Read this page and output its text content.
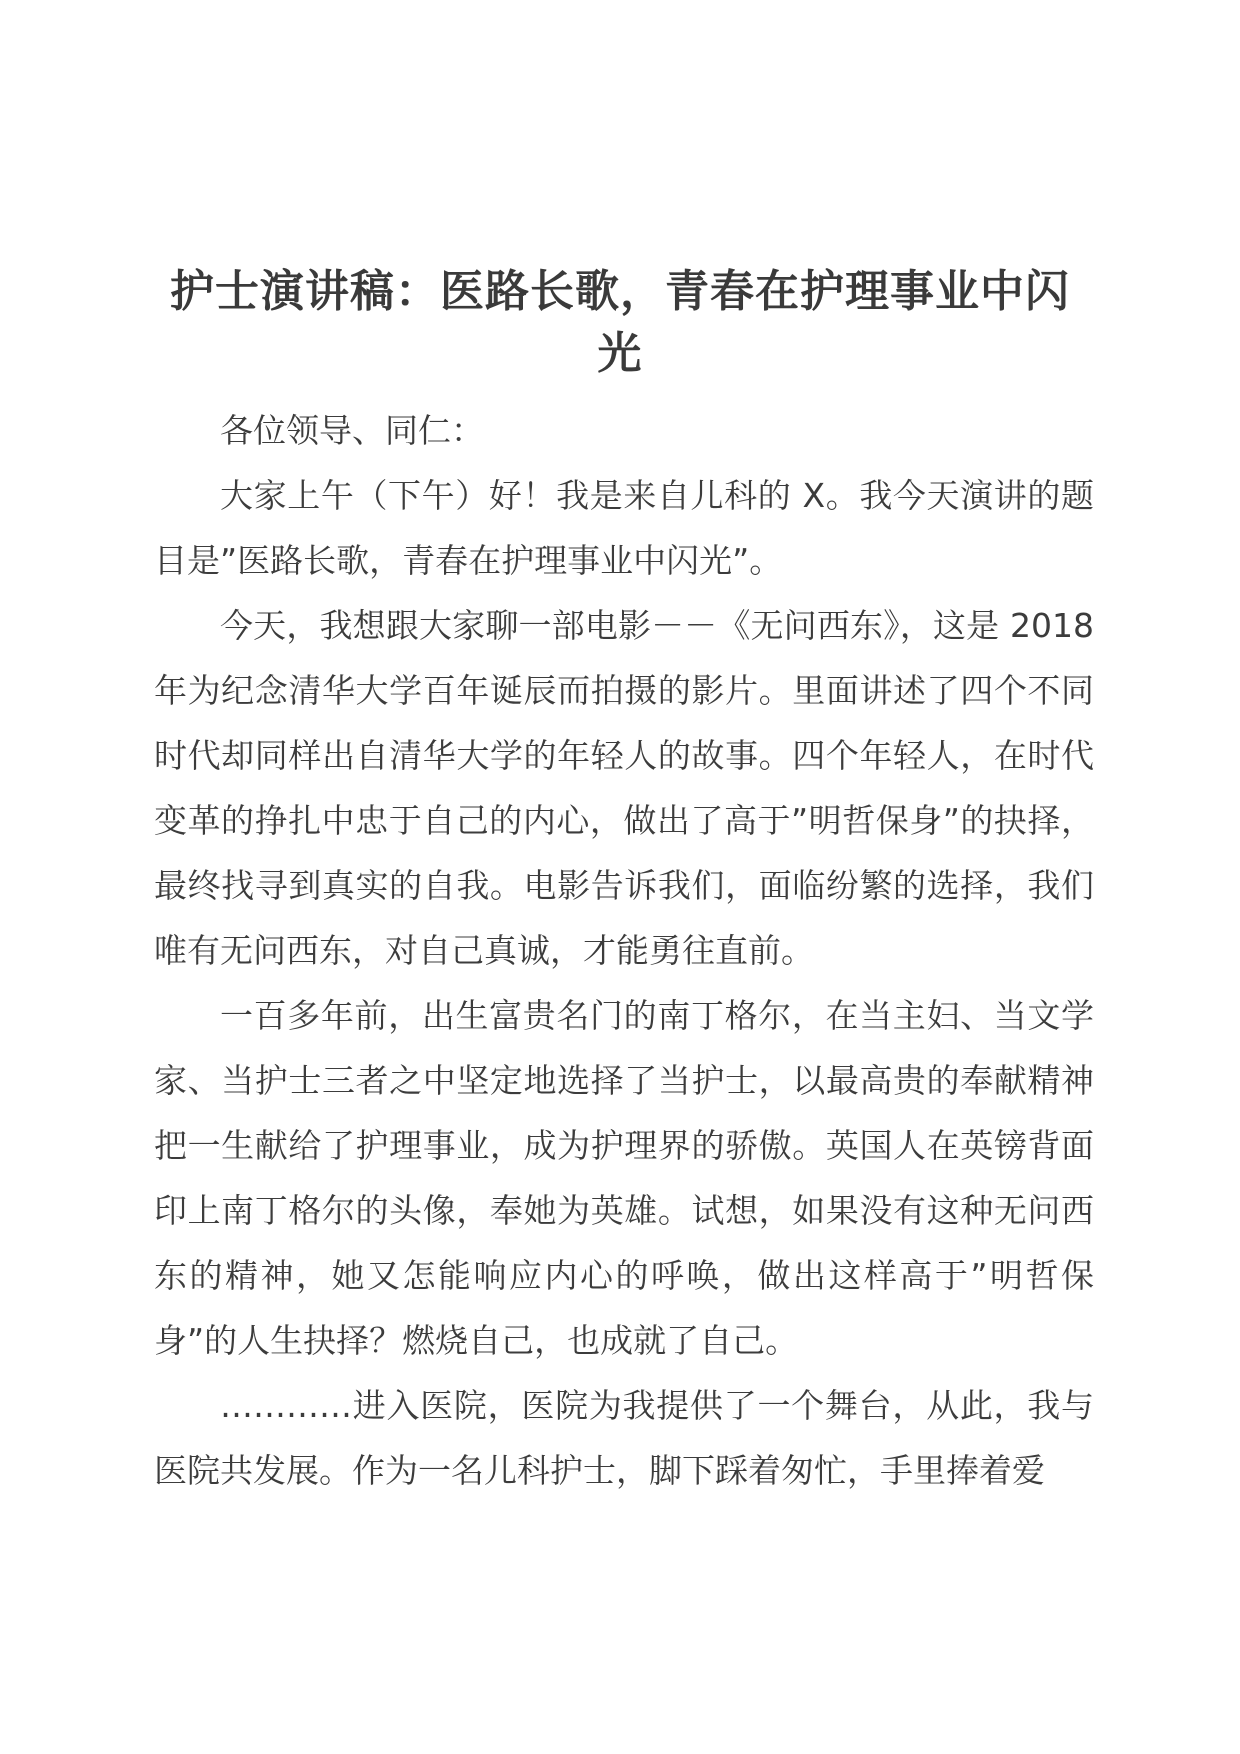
护士演讲稿：医路长歌，青春在护理事业中闪光

各位领导、同仁：

大家上午（下午）好！我是来自儿科的 X。我今天演讲的题目是”医路长歌，青春在护理事业中闪光”。

今天，我想跟大家聊一部电影－－《无问西东》，这是 2018 年为纪念清华大学百年诞辰而拍摄的影片。里面讲述了四个不同时代却同样出自清华大学的年轻人的故事。四个年轻人，在时代变革的挣扎中忠于自己的内心，做出了高于”明哲保身”的抉择，最终找寻到真实的自我。电影告诉我们，面临纷繁的选择，我们唯有无问西东，对自己真诚，才能勇往直前。

一百多年前，出生富贵名门的南丁格尔，在当主妇、当文学家、当护士三者之中坚定地选择了当护士，以最高贵的奉献精神把一生献给了护理事业，成为护理界的骄傲。英国人在英镑背面印上南丁格尔的头像，奉她为英雄。试想，如果没有这种无问西东的精神，她又怎能响应内心的呼唤，做出这样高于”明哲保身”的人生抉择？燃烧自己，也成就了自己。

…………进入医院，医院为我提供了一个舞台，从此，我与医院共发展。作为一名儿科护士，脚下踩着匆忙，手里捧着爱
